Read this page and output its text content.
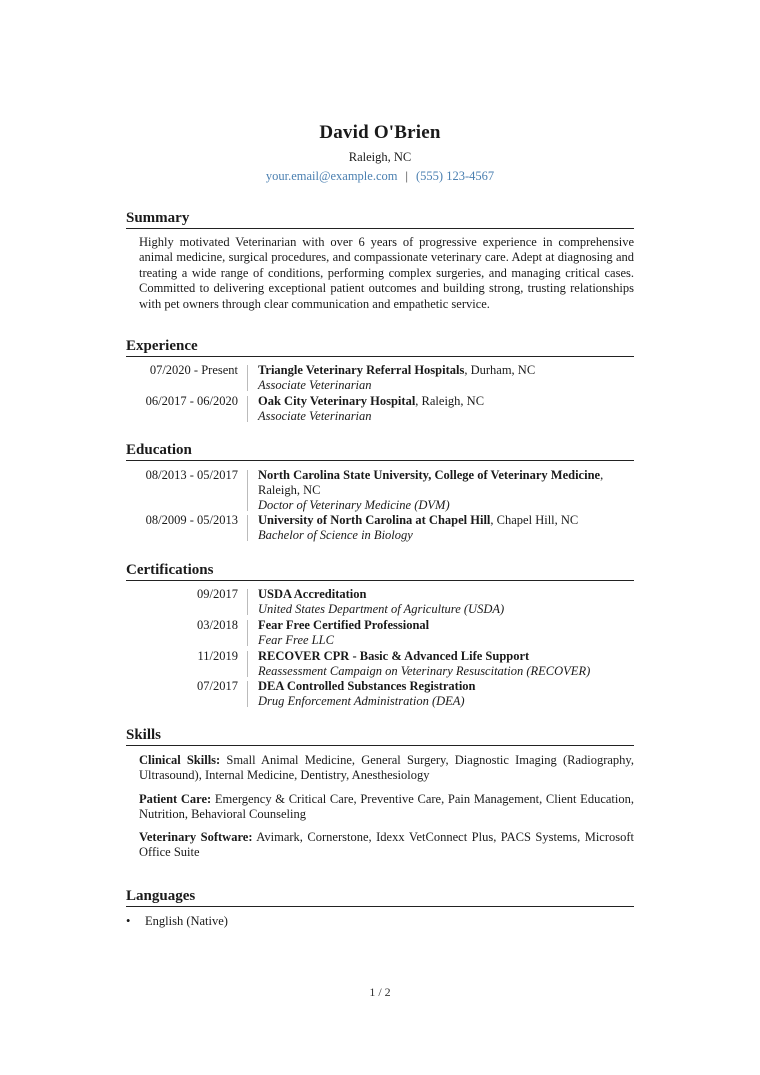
David O'Brien
Raleigh, NC
your.email@example.com | (555) 123-4567
Summary
Highly motivated Veterinarian with over 6 years of progressive experience in comprehensive animal medicine, surgical procedures, and compassionate veterinary care. Adept at diagnosing and treating a wide range of conditions, performing complex surgeries, and managing critical cases. Committed to delivering exceptional patient outcomes and building strong, trusting relationships with pet owners through clear communication and empathetic service.
Experience
07/2020 - Present Triangle Veterinary Referral Hospitals, Durham, NC
Associate Veterinarian
06/2017 - 06/2020 Oak City Veterinary Hospital, Raleigh, NC
Associate Veterinarian
Education
08/2013 - 05/2017 North Carolina State University, College of Veterinary Medicine, Raleigh, NC
Doctor of Veterinary Medicine (DVM)
08/2009 - 05/2013 University of North Carolina at Chapel Hill, Chapel Hill, NC
Bachelor of Science in Biology
Certifications
09/2017 USDA Accreditation
United States Department of Agriculture (USDA)
03/2018 Fear Free Certified Professional
Fear Free LLC
11/2019 RECOVER CPR - Basic & Advanced Life Support
Reassessment Campaign on Veterinary Resuscitation (RECOVER)
07/2017 DEA Controlled Substances Registration
Drug Enforcement Administration (DEA)
Skills
Clinical Skills: Small Animal Medicine, General Surgery, Diagnostic Imaging (Radiography, Ultrasound), Internal Medicine, Dentistry, Anesthesiology
Patient Care: Emergency & Critical Care, Preventive Care, Pain Management, Client Education, Nutrition, Behavioral Counseling
Veterinary Software: Avimark, Cornerstone, Idexx VetConnect Plus, PACS Systems, Microsoft Office Suite
Languages
• English (Native)
1 / 2
